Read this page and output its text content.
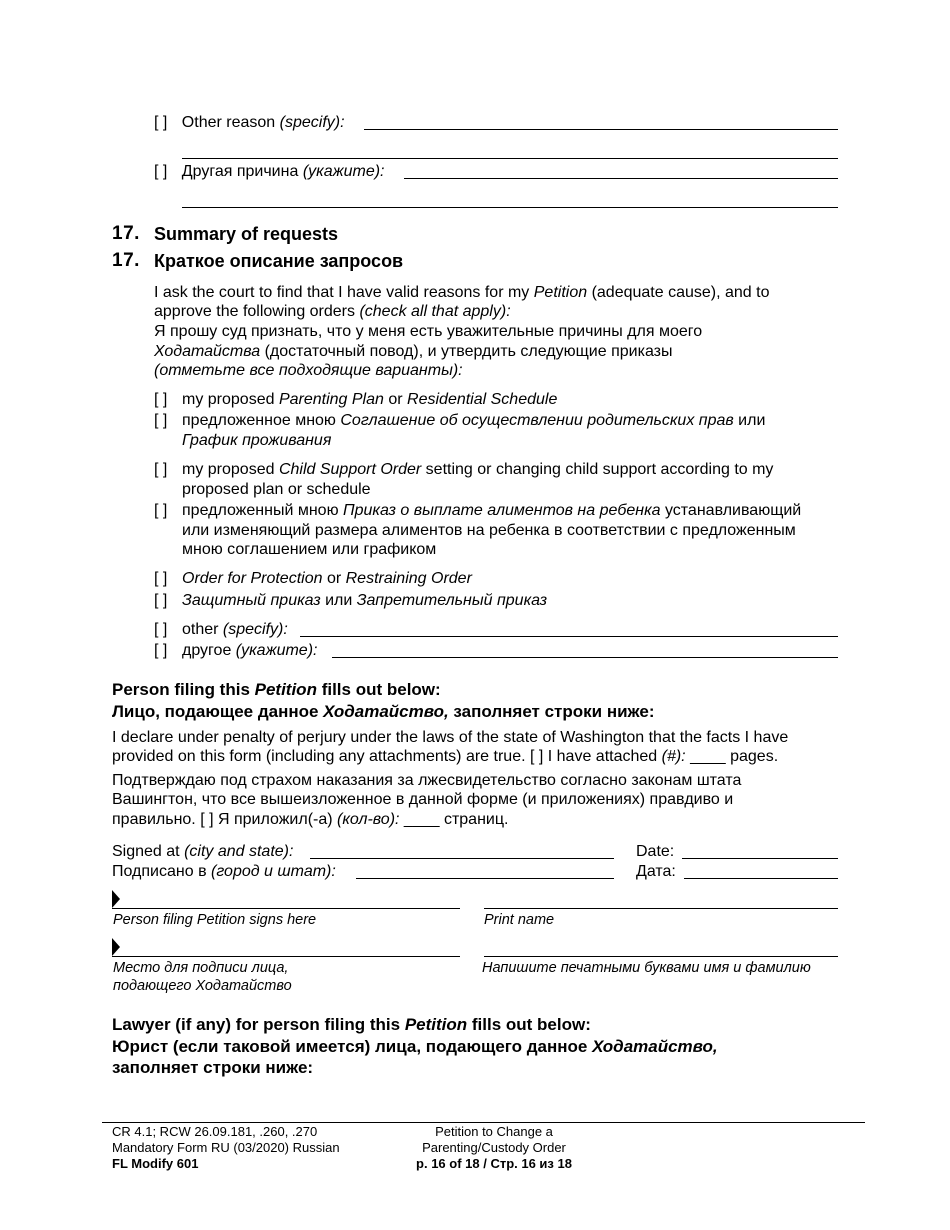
[ ] Other reason (specify):
[ ] Другая причина (укажите):
17. Summary of requests
17. Краткое описание запросов
I ask the court to find that I have valid reasons for my Petition (adequate cause), and to
approve the following orders (check all that apply):
Я прошу суд признать, что у меня есть уважительные причины для моего
Ходатайства (достаточный повод), и утвердить следующие приказы
(отметьте все подходящие варианты):
[ ] my proposed Parenting Plan or Residential Schedule
[ ] предложенное мною Соглашение об осуществлении родительских прав или
График проживания
[ ] my proposed Child Support Order setting or changing child support according to my
proposed plan or schedule
[ ] предложенный мною Приказ о выплате алиментов на ребенка устанавливающий
или изменяющий размера алиментов на ребенка в соответствии с предложенным
мною соглашением или графиком
[ ] Order for Protection or Restraining Order
[ ] Защитный приказ или Запретительный приказ
[ ] other (specify):
[ ] другое (укажите):
Person filing this Petition fills out below:
Лицо, подающее данное Ходатайство, заполняет строки ниже:
I declare under penalty of perjury under the laws of the state of Washington that the facts I have
provided on this form (including any attachments) are true. [ ] I have attached (#): ____ pages.
Подтверждаю под страхом наказания за лжесвидетельство согласно законам штата
Вашингтон, что все вышеизложенное в данной форме (и приложениях) правдиво и
правильно. [ ] Я приложил(-а) (кол-во): ____ страниц.
Signed at (city and state):
Подписано в (город и штат):
Date:
Дата:
Person filing Petition signs here	Print name
Место для подписи лица,
подающего Ходатайство
Напишите печатными буквами имя и фамилию
Lawyer (if any) for person filing this Petition fills out below:
Юрист (если таковой имеется) лица, подающего данное Ходатайство,
заполняет строки ниже:
CR 4.1; RCW 26.09.181, .260, .270
Mandatory Form RU (03/2020) Russian
FL Modify 601
Petition to Change a
Parenting/Custody Order
p. 16 of 18 / Стр. 16 из 18
